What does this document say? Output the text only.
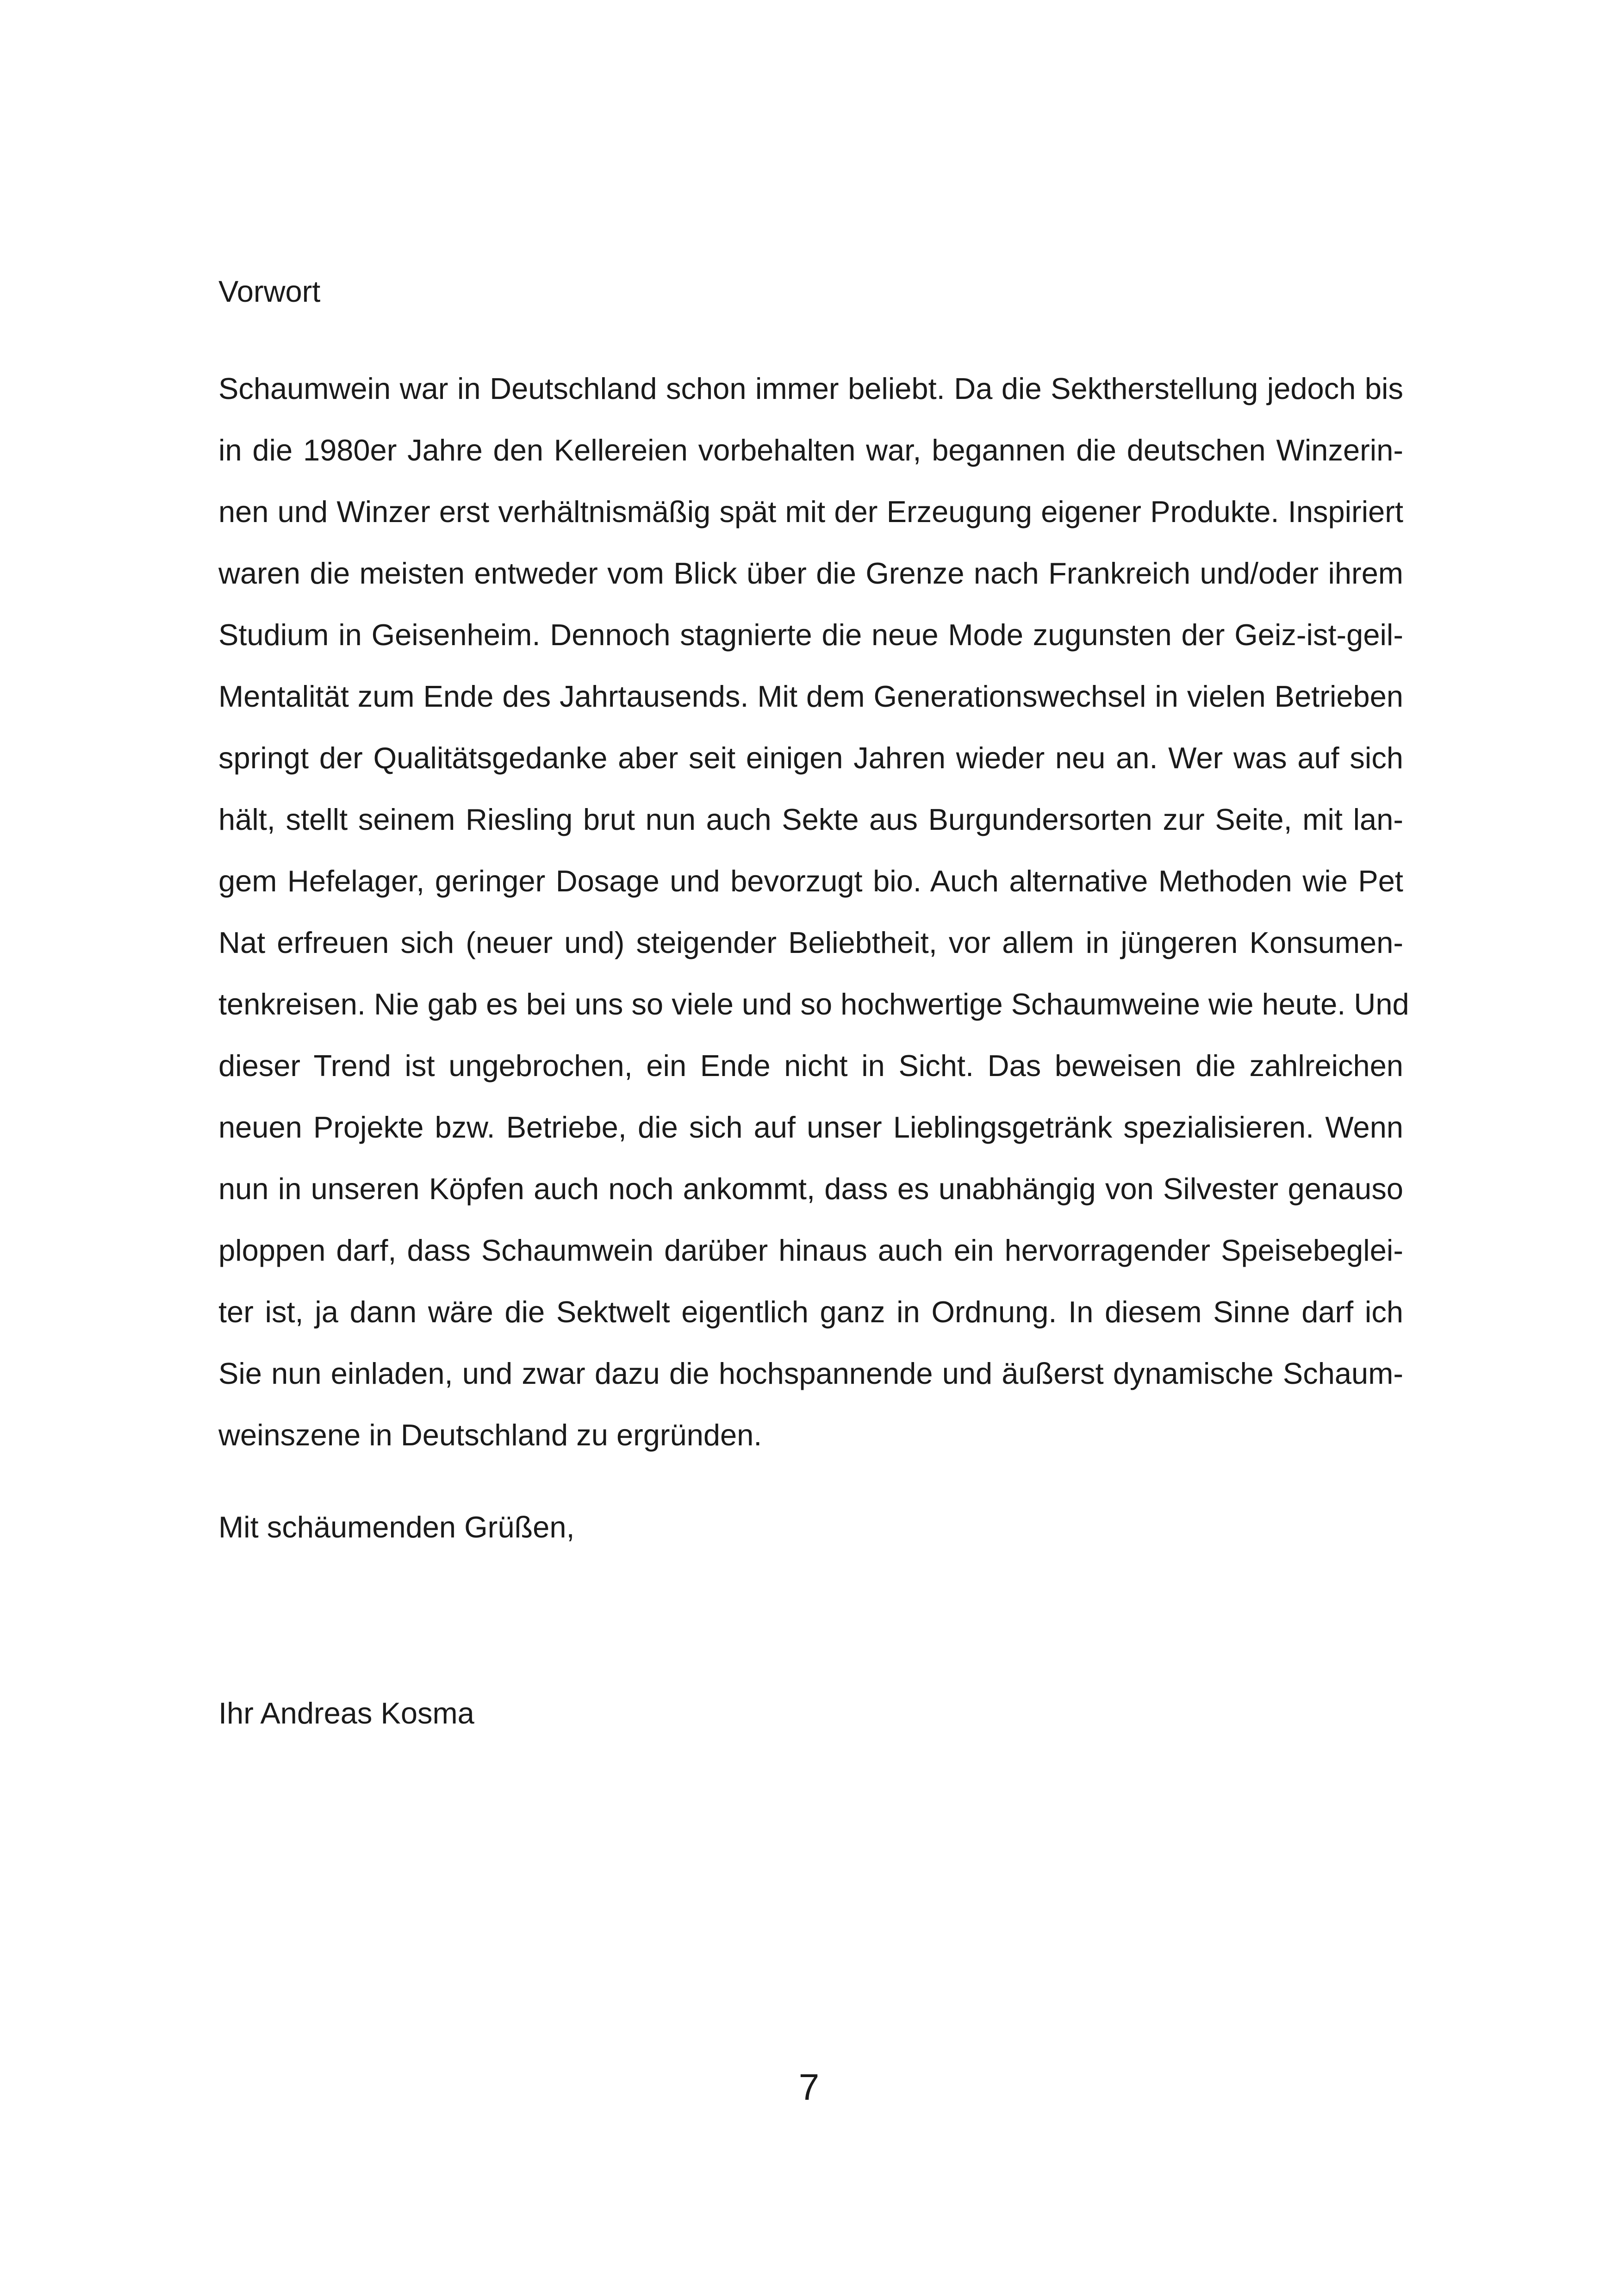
Vorwort
Schaumwein war in Deutschland schon immer beliebt. Da die Sektherstellung jedoch bis
in die 1980er Jahre den Kellereien vorbehalten war, begannen die deutschen Winzerin-
nen und Winzer erst verhältnismäßig spät mit der Erzeugung eigener Produkte. Inspiriert
waren die meisten entweder vom Blick über die Grenze nach Frankreich und/oder ihrem
Studium in Geisenheim. Dennoch stagnierte die neue Mode zugunsten der Geiz-ist-geil-
Mentalität zum Ende des Jahrtausends. Mit dem Generationswechsel in vielen Betrieben
springt der Qualitätsgedanke aber seit einigen Jahren wieder neu an. Wer was auf sich
hält, stellt seinem Riesling brut nun auch Sekte aus Burgundersorten zur Seite, mit lan-
gem Hefelager, geringer Dosage und bevorzugt bio. Auch alternative Methoden wie Pet
Nat erfreuen sich (neuer und) steigender Beliebtheit, vor allem in jüngeren Konsumen-
tenkreisen. Nie gab es bei uns so viele und so hochwertige Schaumweine wie heute. Und
dieser Trend ist ungebrochen, ein Ende nicht in Sicht. Das beweisen die zahlreichen
neuen Projekte bzw. Betriebe, die sich auf unser Lieblingsgetränk spezialisieren. Wenn
nun in unseren Köpfen auch noch ankommt, dass es unabhängig von Silvester genauso
ploppen darf, dass Schaumwein darüber hinaus auch ein hervorragender Speisebeglei-
ter ist, ja dann wäre die Sektwelt eigentlich ganz in Ordnung. In diesem Sinne darf ich
Sie nun einladen, und zwar dazu die hochspannende und äußerst dynamische Schaum-
weinszene in Deutschland zu ergründen.

Mit schäumenden Grüßen,

Ihr Andreas Kosma

7
